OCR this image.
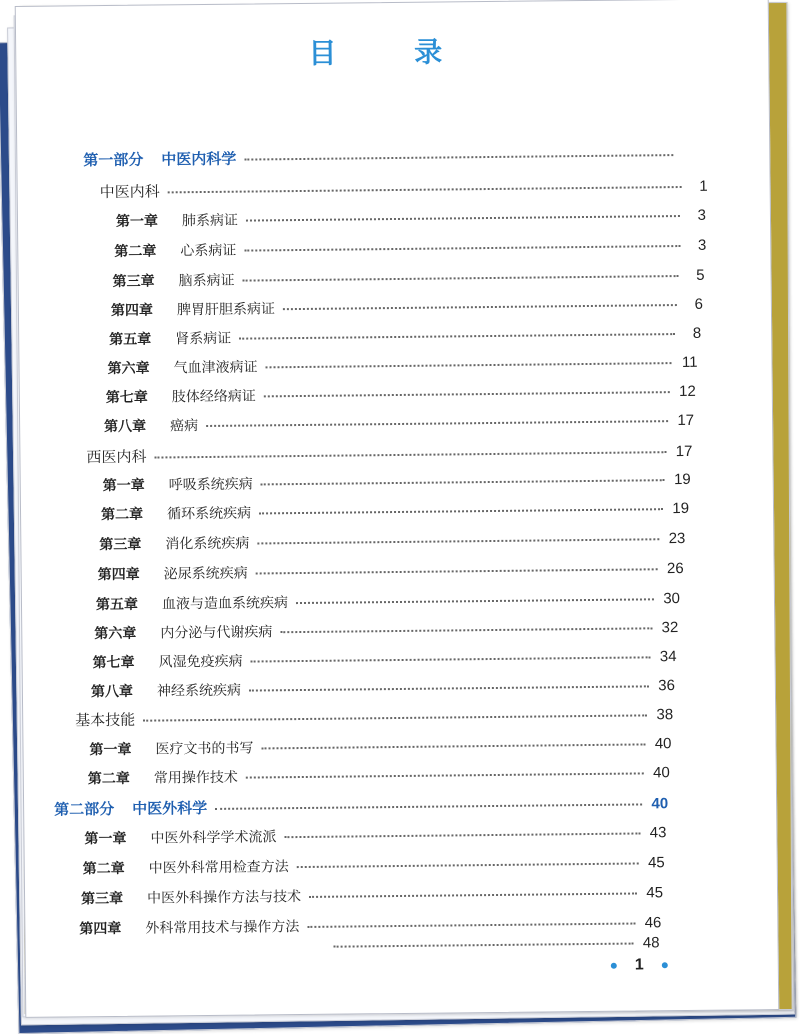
目 录
第一部分 中医内科学
中医内科	1
第一章 肺系病证	3
第二章 心系病证	3
第三章 脑系病证	5
第四章 脾胃肝胆系病证	6
第五章 肾系病证	8
第六章 气血津液病证	11
第七章 肢体经络病证	12
第八章 癌病	17
西医内科	17
第一章 呼吸系统疾病	19
第二章 循环系统疾病	19
第三章 消化系统疾病	23
第四章 泌尿系统疾病	26
第五章 血液与造血系统疾病	30
第六章 内分泌与代谢疾病	32
第七章 风湿免疫疾病	34
第八章 神经系统疾病	36
基本技能	38
第一章 医疗文书的书写	40
第二章 常用操作技术	40
第二部分 中医外科学	40
第一章 中医外科学学术流派	43
第二章 中医外科常用检查方法	45
第三章 中医外科操作方法与技术	45
第四章 外科常用技术与操作方法	46
48
1
